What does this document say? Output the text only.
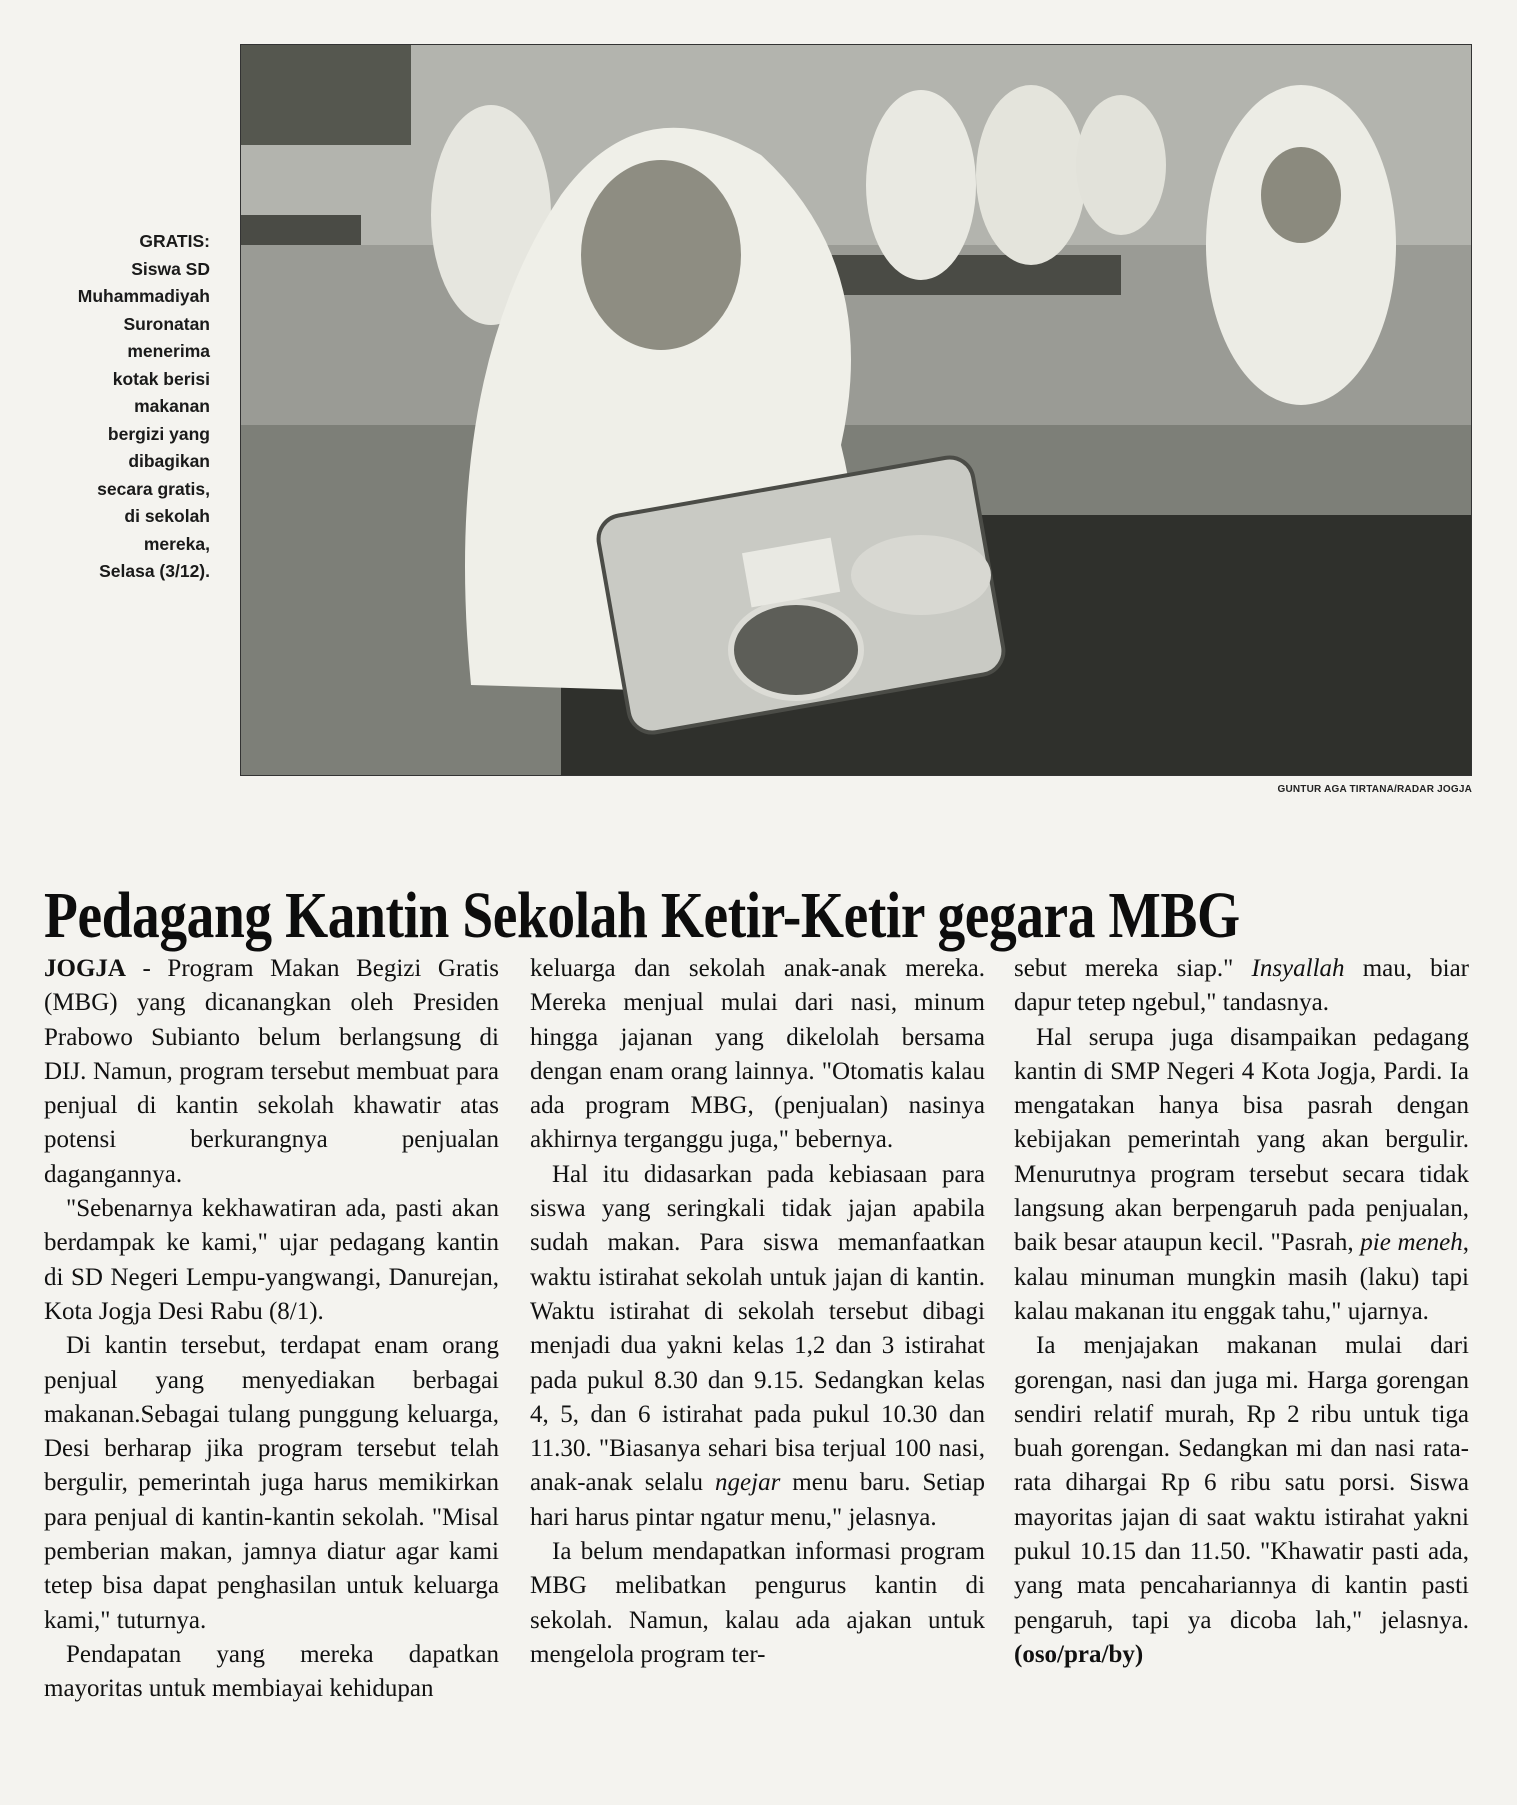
GRATIS:
Siswa SD
Muhammadiyah
Suronatan
menerima
kotak berisi
makanan
bergizi yang
dibagikan
secara gratis,
di sekolah
mereka,
Selasa (3/12).
GUNTUR AGA TIRTANA/RADAR JOGJA
Pedagang Kantin Sekolah Ketir-Ketir gegara MBG

JOGJA - Program Makan Begizi Gratis (MBG) yang dicanangkan oleh Presiden Prabowo Subianto belum berlangsung di DIJ. Namun, program tersebut membuat para penjual di kantin sekolah khawatir atas potensi berkurangnya penjualan dagangannya.

"Sebenarnya kekhawatiran ada, pasti akan berdampak ke kami," ujar pedagang kantin di SD Negeri Lempu-yangwangi, Danurejan, Kota Jogja Desi Rabu (8/1).

Di kantin tersebut, terdapat enam orang penjual yang menyediakan berbagai makanan.Sebagai tulang punggung keluarga, Desi berharap jika program tersebut telah bergulir, pemerintah juga harus memikirkan para penjual di kantin-kantin sekolah. "Misal pemberian makan, jamnya diatur agar kami tetep bisa dapat penghasilan untuk keluarga kami," tuturnya.

Pendapatan yang mereka dapatkan mayoritas untuk membiayai kehidupan

keluarga dan sekolah anak-anak mereka. Mereka menjual mulai dari nasi, minum hingga jajanan yang dikelolah bersama dengan enam orang lainnya. "Otomatis kalau ada program MBG, (penjualan) nasinya akhirnya terganggu juga," bebernya.

Hal itu didasarkan pada kebiasaan para siswa yang seringkali tidak jajan apabila sudah makan. Para siswa memanfaatkan waktu istirahat sekolah untuk jajan di kantin. Waktu istirahat di sekolah tersebut dibagi menjadi dua yakni kelas 1,2 dan 3 istirahat pada pukul 8.30 dan 9.15. Sedangkan kelas 4, 5, dan 6 istirahat pada pukul 10.30 dan 11.30. "Biasanya sehari bisa terjual 100 nasi, anak-anak selalu ngejar menu baru. Setiap hari harus pintar ngatur menu," jelasnya.

Ia belum mendapatkan informasi program MBG melibatkan pengurus kantin di sekolah. Namun, kalau ada ajakan untuk mengelola program ter-

sebut mereka siap." Insyallah mau, biar dapur tetep ngebul," tandasnya.

Hal serupa juga disampaikan pedagang kantin di SMP Negeri 4 Kota Jogja, Pardi. Ia mengatakan hanya bisa pasrah dengan kebijakan pemerintah yang akan bergulir. Menurutnya program tersebut secara tidak langsung akan berpengaruh pada penjualan, baik besar ataupun kecil. "Pasrah, pie meneh, kalau minuman mungkin masih (laku) tapi kalau makanan itu enggak tahu," ujarnya.

Ia menjajakan makanan mulai dari gorengan, nasi dan juga mi. Harga gorengan sendiri relatif murah, Rp 2 ribu untuk tiga buah gorengan. Sedangkan mi dan nasi rata-rata dihargai Rp 6 ribu satu porsi. Siswa mayoritas jajan di saat waktu istirahat yakni pukul 10.15 dan 11.50. "Khawatir pasti ada, yang mata pencahariannya di kantin pasti pengaruh, tapi ya dicoba lah," jelasnya. (oso/pra/by)
